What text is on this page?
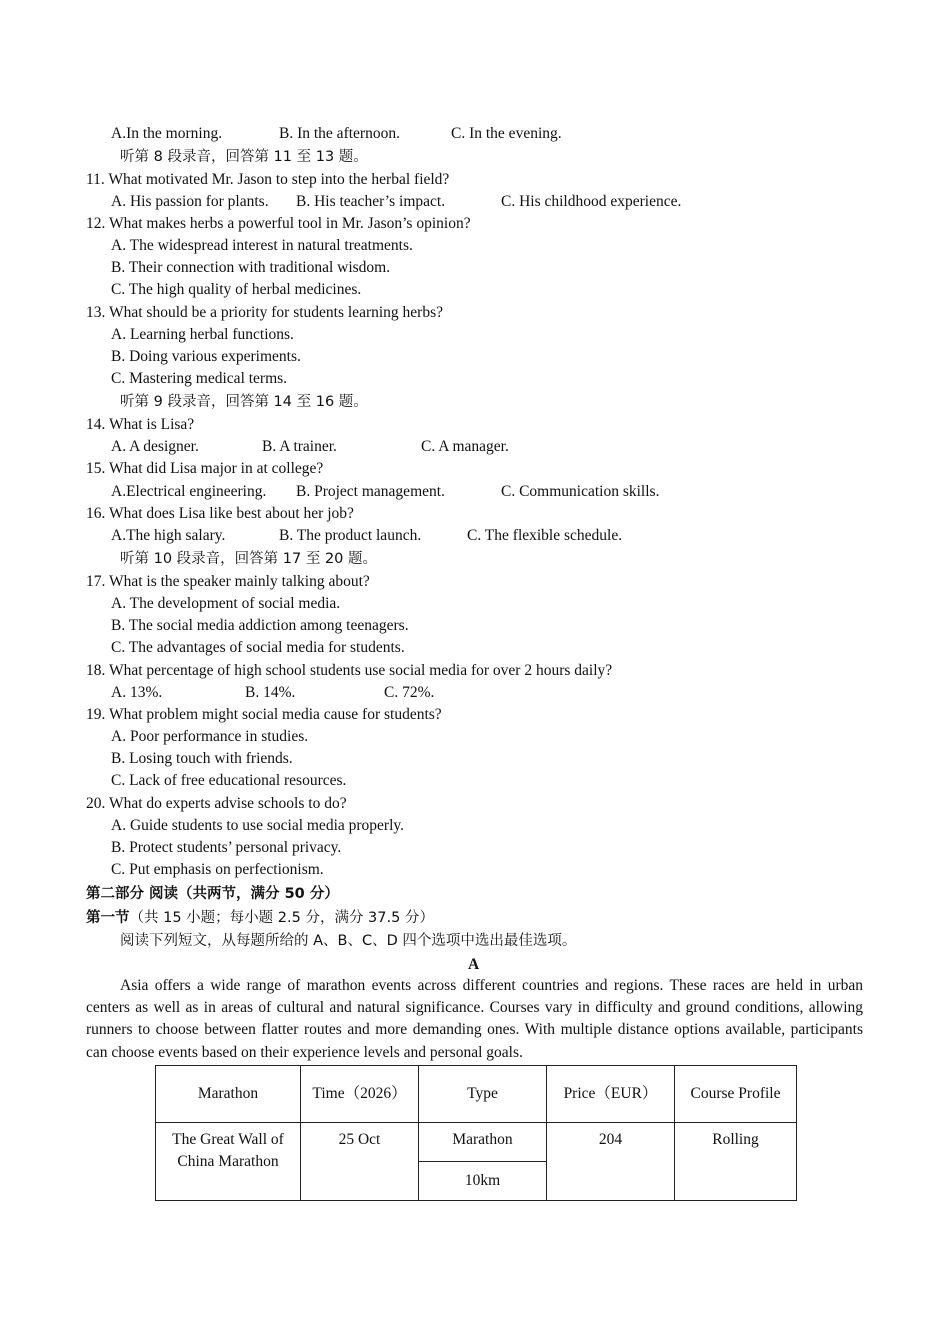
A.In the morning.	B. In the afternoon.	C. In the evening.
听第 8 段录音，回答第 11 至 13 题。
11. What motivated Mr. Jason to step into the herbal field?
A. His passion for plants. B. His teacher’s impact.	C. His childhood experience.
12. What makes herbs a powerful tool in Mr. Jason’s opinion?
A. The widespread interest in natural treatments.
B. Their connection with traditional wisdom.
C. The high quality of herbal medicines.
13. What should be a priority for students learning herbs?
A. Learning herbal functions.
B. Doing various experiments.
C. Mastering medical terms.
听第 9 段录音，回答第 14 至 16 题。
14. What is Lisa?
A. A designer.	B. A trainer.	C. A manager.
15. What did Lisa major in at college?
A.Electrical engineering. B. Project management.	C. Communication skills.
16. What does Lisa like best about her job?
A.The high salary.	B. The product launch.	C. The flexible schedule.
听第 10 段录音，回答第 17 至 20 题。
17. What is the speaker mainly talking about?
A. The development of social media.
B. The social media addiction among teenagers.
C. The advantages of social media for students.
18. What percentage of high school students use social media for over 2 hours daily?
A. 13%.	B. 14%.	C. 72%.
19. What problem might social media cause for students?
A. Poor performance in studies.
B. Losing touch with friends.
C. Lack of free educational resources.
20. What do experts advise schools to do?
A. Guide students to use social media properly.
B. Protect students’ personal privacy.
C. Put emphasis on perfectionism.
第二部分 阅读（共两节，满分 50 分）
第一节（共 15 小题；每小题 2.5 分，满分 37.5 分）
阅读下列短文，从每题所给的 A、B、C、D 四个选项中选出最佳选项。
A
Asia offers a wide range of marathon events across different countries and regions. These races are held in urban centers as well as in areas of cultural and natural significance. Courses vary in difficulty and ground conditions, allowing runners to choose between flatter routes and more demanding ones. With multiple distance options available, participants can choose events based on their experience levels and personal goals.
Marathon	Time（2026）	Type	Price（EUR）	Course Profile
The Great Wall of China Marathon	25 Oct	Marathon	204	Rolling
		10km		
